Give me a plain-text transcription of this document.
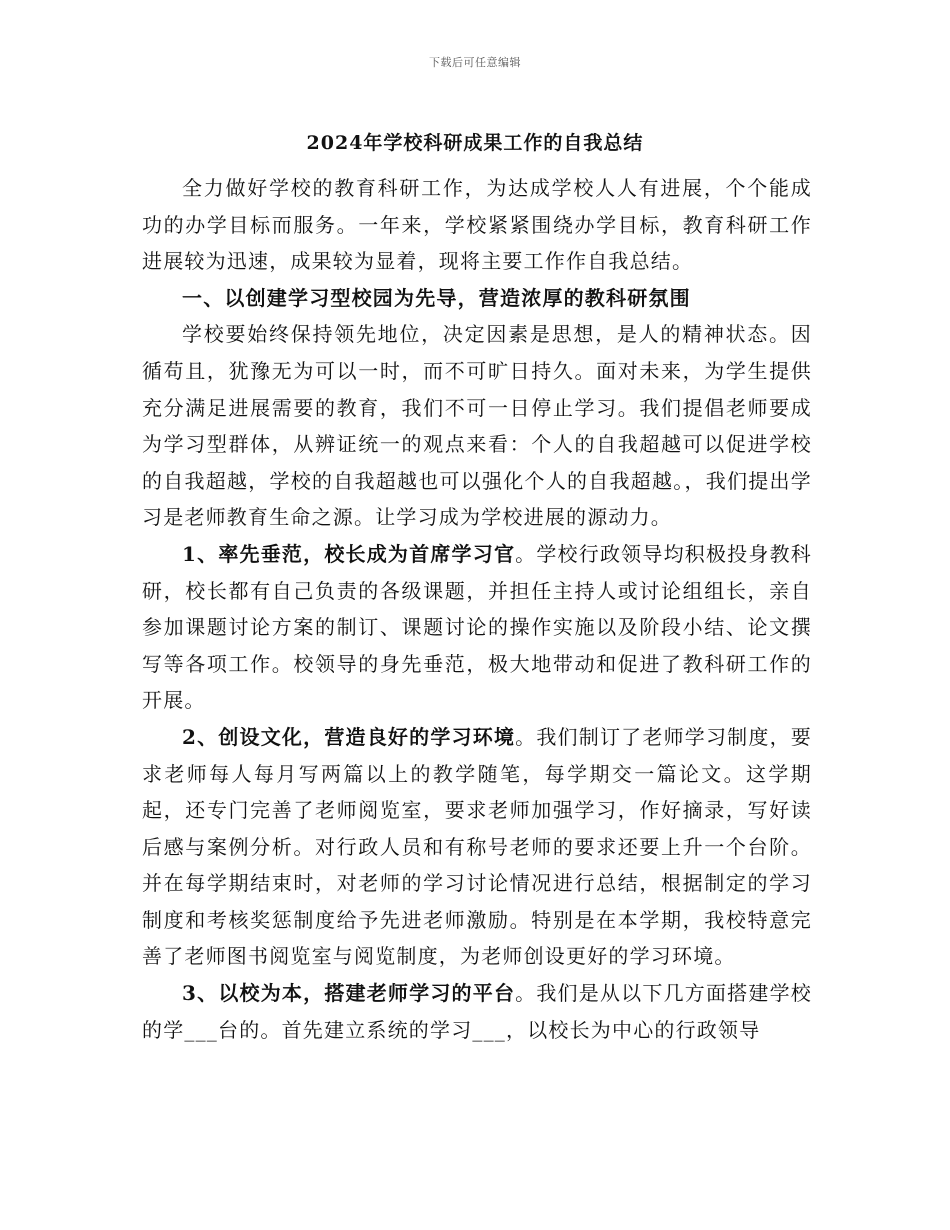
下载后可任意编辑
2024年学校科研成果工作的自我总结

全力做好学校的教育科研工作，为达成学校人人有进展，个个能成功的办学目标而服务。一年来，学校紧紧围绕办学目标，教育科研工作进展较为迅速，成果较为显着，现将主要工作作自我总结。

一、以创建学习型校园为先导，营造浓厚的教科研氛围

学校要始终保持领先地位，决定因素是思想，是人的精神状态。因循苟且，犹豫无为可以一时，而不可旷日持久。面对未来，为学生提供充分满足进展需要的教育，我们不可一日停止学习。我们提倡老师要成为学习型群体，从辨证统一的观点来看：个人的自我超越可以促进学校的自我超越，学校的自我超越也可以强化个人的自我超越。，我们提出学习是老师教育生命之源。让学习成为学校进展的源动力。

1、率先垂范，校长成为首席学习官。学校行政领导均积极投身教科研，校长都有自己负责的各级课题，并担任主持人或讨论组组长，亲自参加课题讨论方案的制订、课题讨论的操作实施以及阶段小结、论文撰写等各项工作。校领导的身先垂范，极大地带动和促进了教科研工作的开展。

2、创设文化，营造良好的学习环境。我们制订了老师学习制度，要求老师每人每月写两篇以上的教学随笔，每学期交一篇论文。这学期起，还专门完善了老师阅览室，要求老师加强学习，作好摘录，写好读后感与案例分析。对行政人员和有称号老师的要求还要上升一个台阶。并在每学期结束时，对老师的学习讨论情况进行总结，根据制定的学习制度和考核奖惩制度给予先进老师激励。特别是在本学期，我校特意完善了老师图书阅览室与阅览制度，为老师创设更好的学习环境。

3、以校为本，搭建老师学习的平台。我们是从以下几方面搭建学校的学___台的。首先建立系统的学习___，以校长为中心的行政领导
